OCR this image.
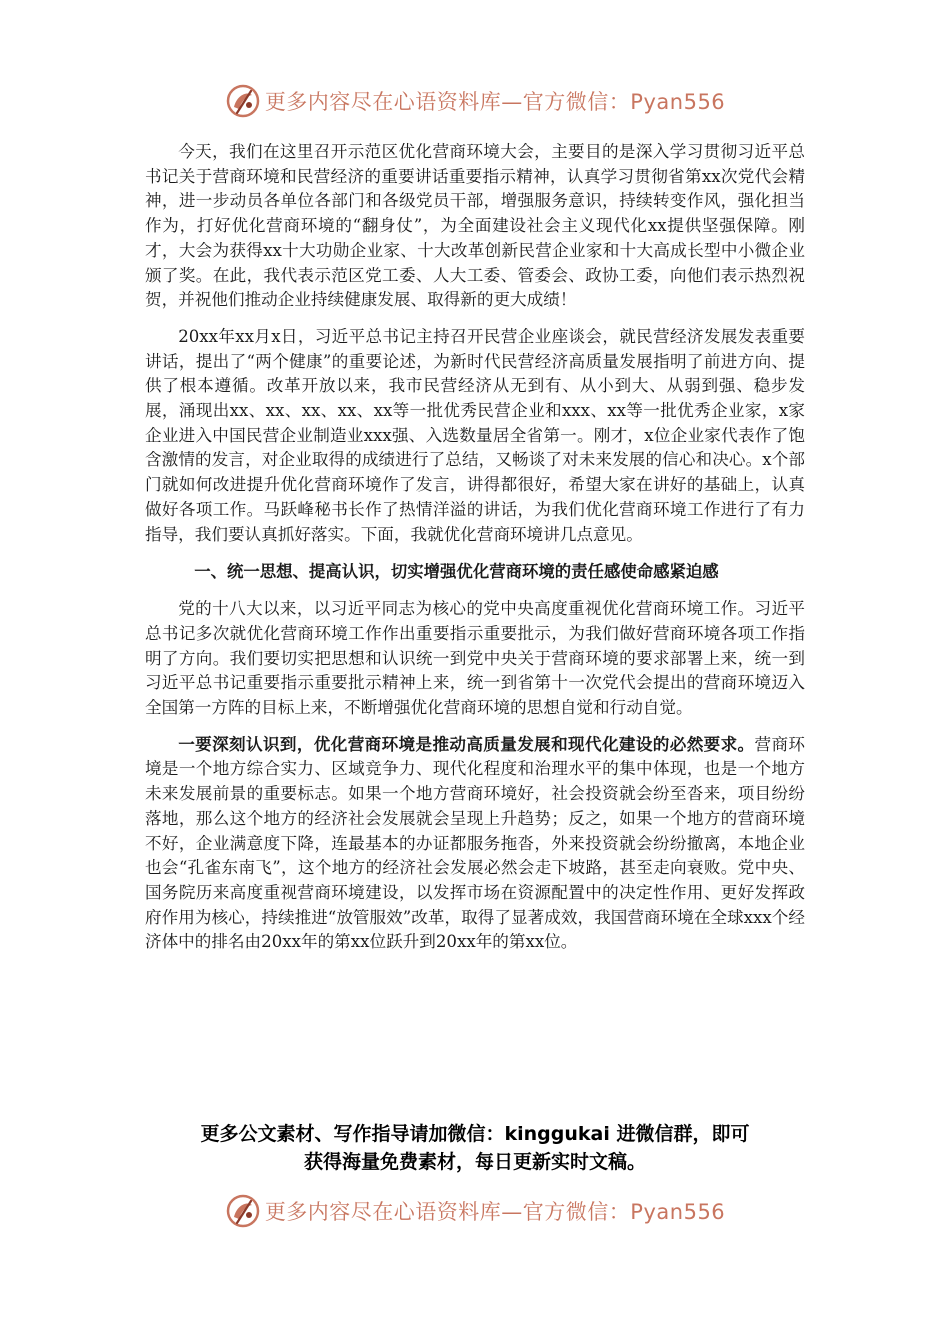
更多内容尽在心语资料库—官方微信：Pyan556

今天，我们在这里召开示范区优化营商环境大会，主要目的是深入学习贯彻习近平总书记关于营商环境和民营经济的重要讲话重要指示精神，认真学习贯彻省第xx次党代会精神，进一步动员各单位各部门和各级党员干部，增强服务意识，持续转变作风，强化担当作为，打好优化营商环境的“翻身仗”，为全面建设社会主义现代化xx提供坚强保障。刚才，大会为获得xx十大功勋企业家、十大改革创新民营企业家和十大高成长型中小微企业颁了奖。在此，我代表示范区党工委、人大工委、管委会、政协工委，向他们表示热烈祝贺，并祝他们推动企业持续健康发展、取得新的更大成绩！

20xx年xx月x日，习近平总书记主持召开民营企业座谈会，就民营经济发展发表重要讲话，提出了“两个健康”的重要论述，为新时代民营经济高质量发展指明了前进方向、提供了根本遵循。改革开放以来，我市民营经济从无到有、从小到大、从弱到强、稳步发展，涌现出xx、xx、xx、xx、xx等一批优秀民营企业和xxx、xx等一批优秀企业家，x家企业进入中国民营企业制造业xxx强、入选数量居全省第一。刚才，x位企业家代表作了饱含激情的发言，对企业取得的成绩进行了总结，又畅谈了对未来发展的信心和决心。x个部门就如何改进提升优化营商环境作了发言，讲得都很好，希望大家在讲好的基础上，认真做好各项工作。马跃峰秘书长作了热情洋溢的讲话，为我们优化营商环境工作进行了有力指导，我们要认真抓好落实。下面，我就优化营商环境讲几点意见。

一、统一思想、提高认识，切实增强优化营商环境的责任感使命感紧迫感

党的十八大以来，以习近平同志为核心的党中央高度重视优化营商环境工作。习近平总书记多次就优化营商环境工作作出重要指示重要批示，为我们做好营商环境各项工作指明了方向。我们要切实把思想和认识统一到党中央关于营商环境的要求部署上来，统一到习近平总书记重要指示重要批示精神上来，统一到省第十一次党代会提出的营商环境迈入全国第一方阵的目标上来，不断增强优化营商环境的思想自觉和行动自觉。

一要深刻认识到，优化营商环境是推动高质量发展和现代化建设的必然要求。营商环境是一个地方综合实力、区域竞争力、现代化程度和治理水平的集中体现，也是一个地方未来发展前景的重要标志。如果一个地方营商环境好，社会投资就会纷至沓来，项目纷纷落地，那么这个地方的经济社会发展就会呈现上升趋势；反之，如果一个地方的营商环境不好，企业满意度下降，连最基本的办证都服务拖沓，外来投资就会纷纷撤离，本地企业也会“孔雀东南飞”，这个地方的经济社会发展必然会走下坡路，甚至走向衰败。党中央、国务院历来高度重视营商环境建设，以发挥市场在资源配置中的决定性作用、更好发挥政府作用为核心，持续推进“放管服效”改革，取得了显著成效，我国营商环境在全球xxx个经济体中的排名由20xx年的第xx位跃升到20xx年的第xx位。

更多公文素材、写作指导请加微信：kinggukai 进微信群，即可
获得海量免费素材，每日更新实时文稿。
更多内容尽在心语资料库—官方微信：Pyan556
